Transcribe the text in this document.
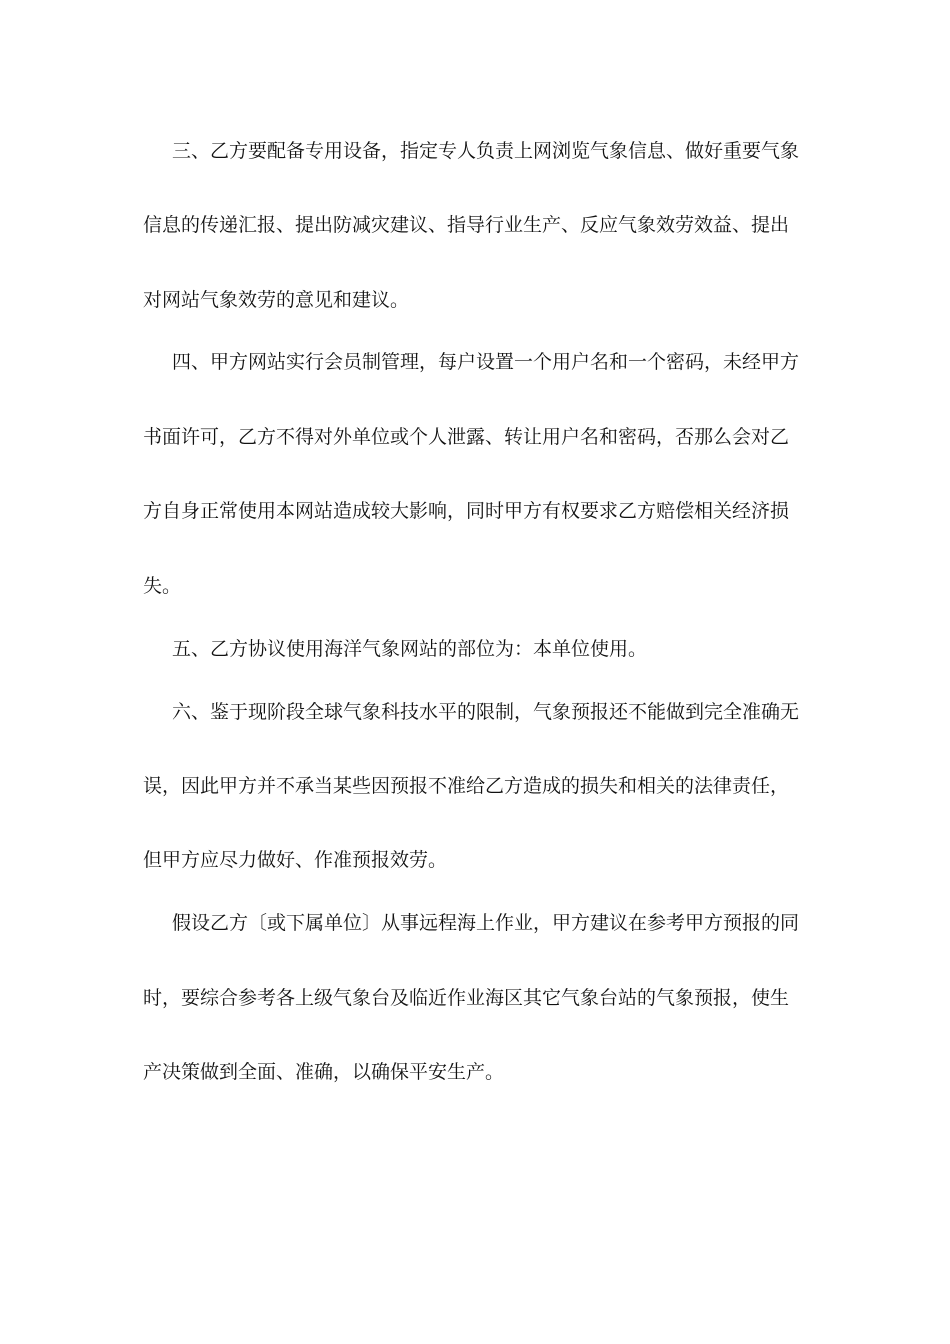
三、乙方要配备专用设备，指定专人负责上网浏览气象信息、做好重要气象

信息的传递汇报、提出防减灾建议、指导行业生产、反应气象效劳效益、提出

对网站气象效劳的意见和建议。

四、甲方网站实行会员制管理，每户设置一个用户名和一个密码，未经甲方

书面许可，乙方不得对外单位或个人泄露、转让用户名和密码，否那么会对乙

方自身正常使用本网站造成较大影响，同时甲方有权要求乙方赔偿相关经济损

失。

五、乙方协议使用海洋气象网站的部位为：本单位使用。

六、鉴于现阶段全球气象科技水平的限制，气象预报还不能做到完全准确无

误，因此甲方并不承当某些因预报不准给乙方造成的损失和相关的法律责任，

但甲方应尽力做好、作准预报效劳。

假设乙方〔或下属单位〕从事远程海上作业，甲方建议在参考甲方预报的同

时，要综合参考各上级气象台及临近作业海区其它气象台站的气象预报，使生

产决策做到全面、准确，以确保平安生产。
